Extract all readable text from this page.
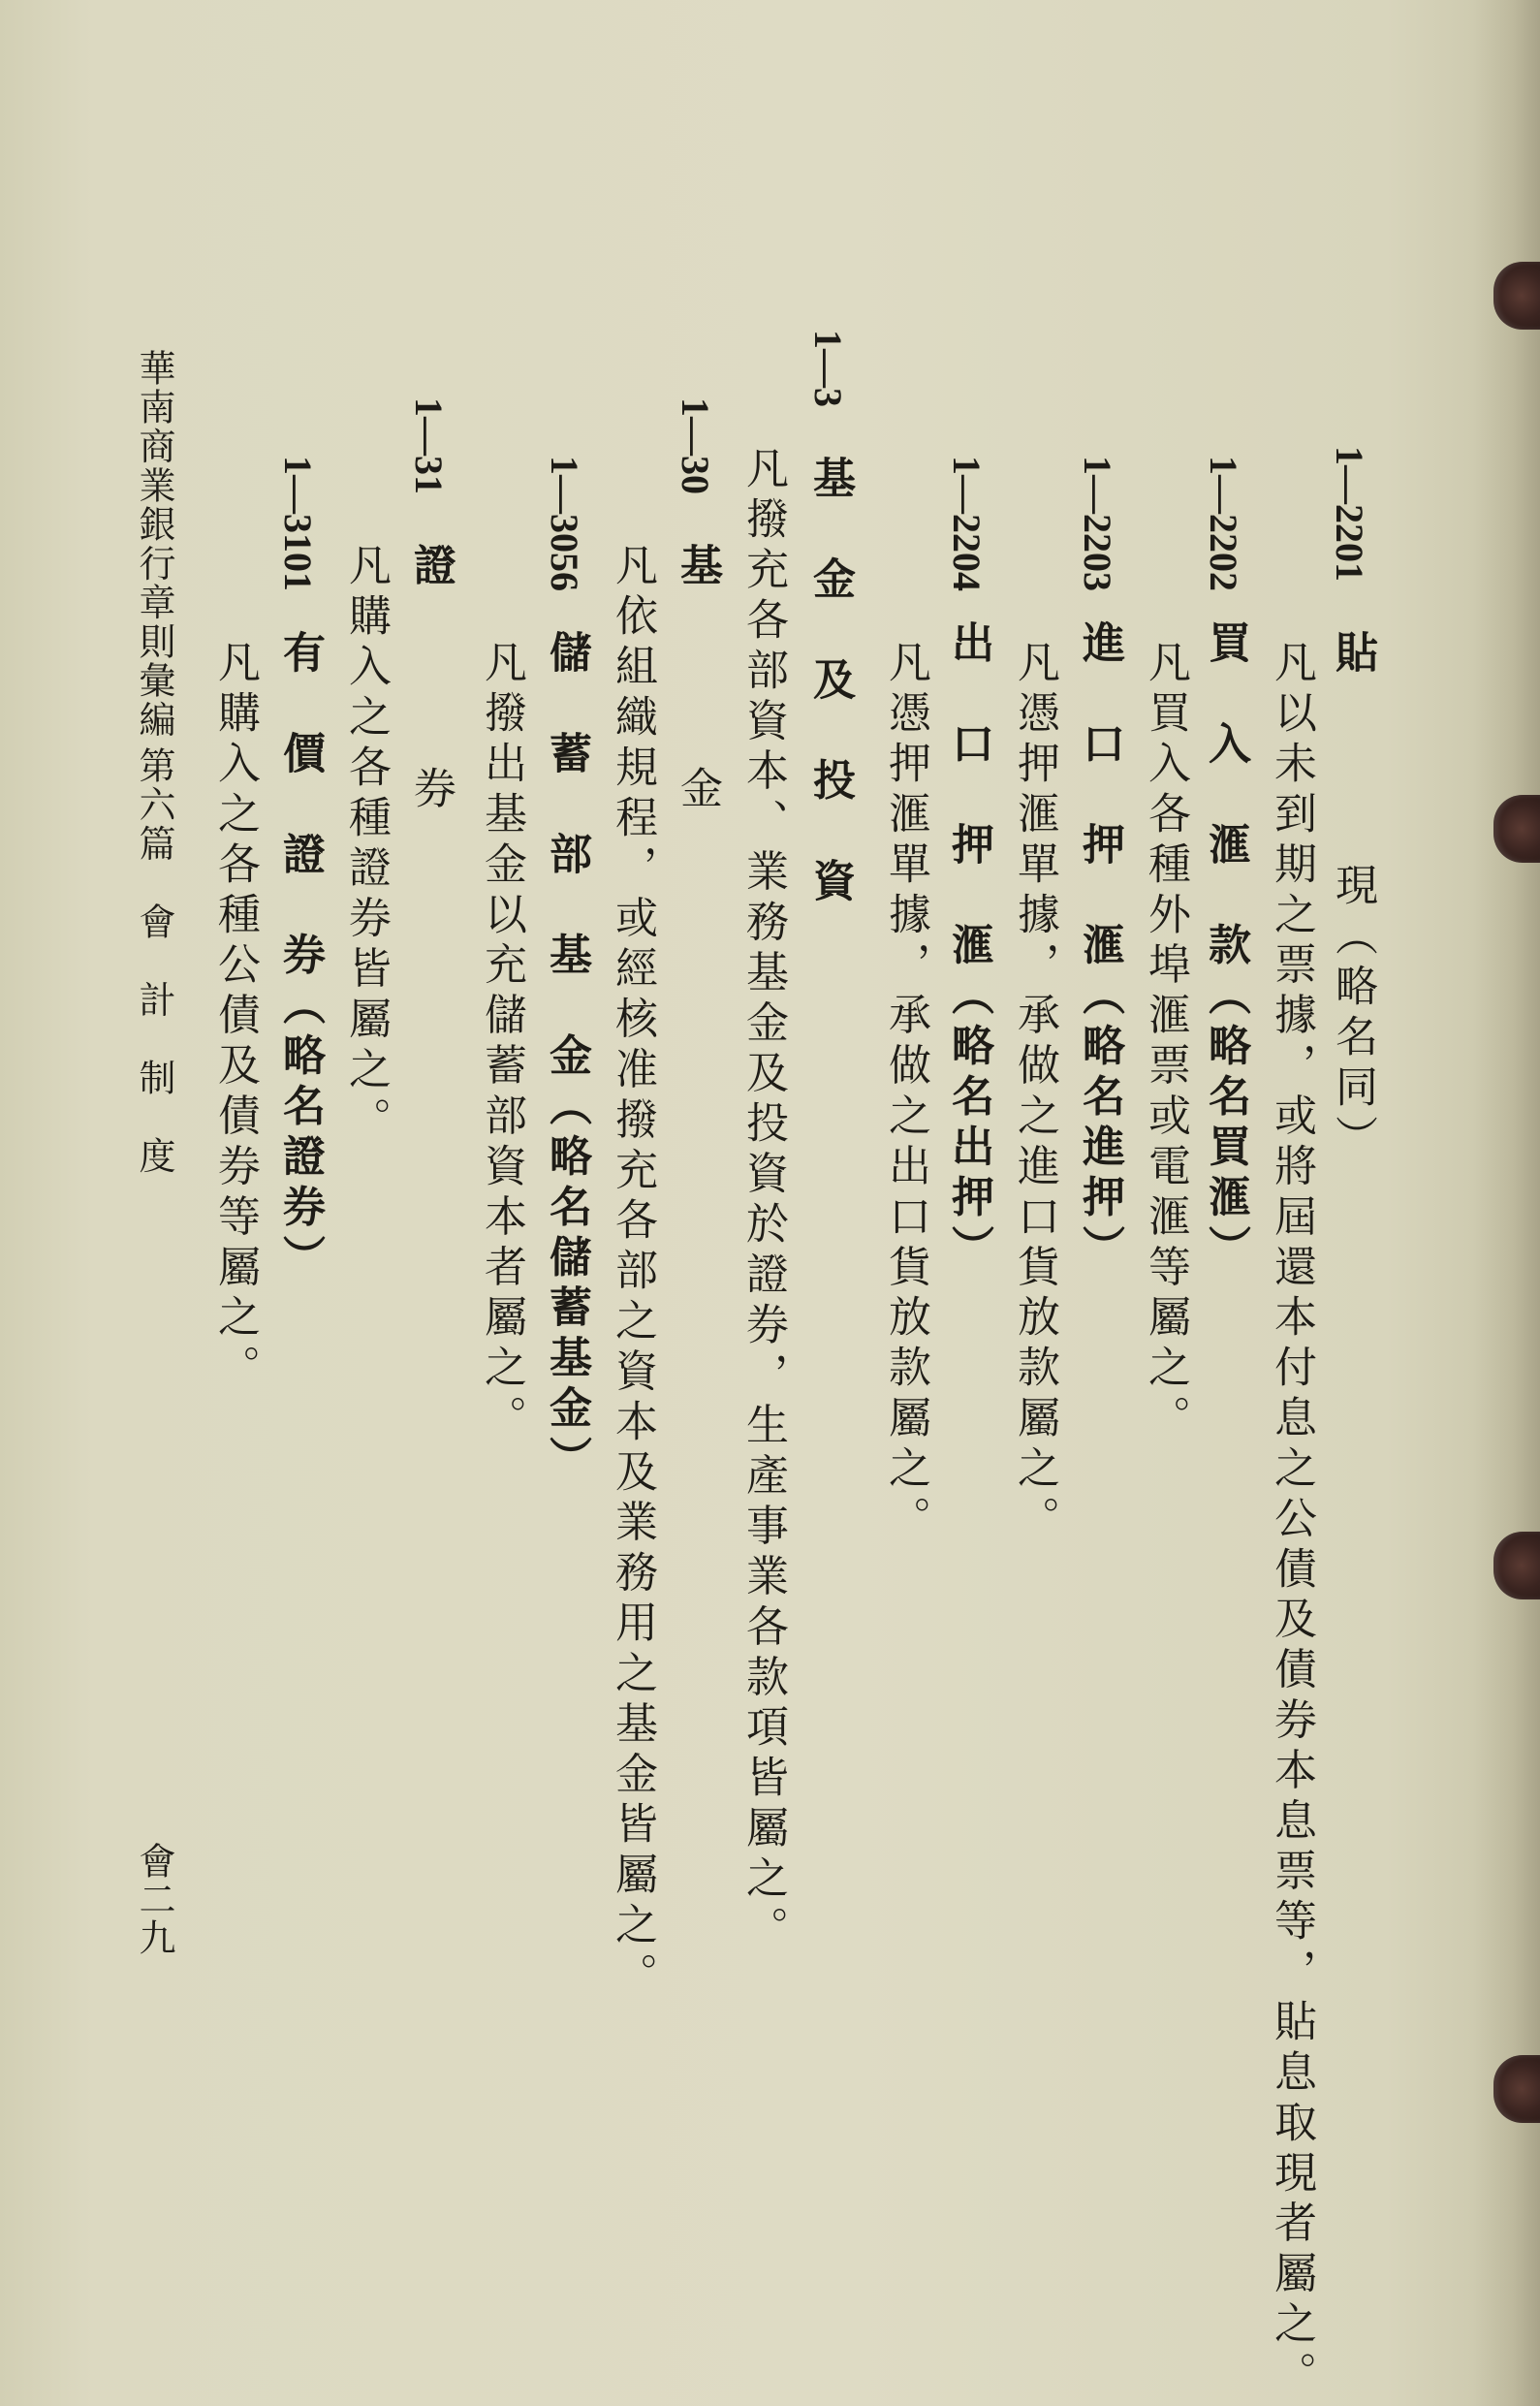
1—2201
貼
現（略名同）
凡以未到期之票據，或將屆還本付息之公債及債券本息票等，貼息取現者屬之。
1—2202
買　入　滙　款（略名買滙）
凡買入各種外埠滙票或電滙等屬之。
1—2203
進　口　押　滙（略名進押）
凡憑押滙單據，承做之進口貨放款屬之。
1—2204
出　口　押　滙（略名出押）
凡憑押滙單據，承做之出口貨放款屬之。
1—3
基　金　及　投　資
凡撥充各部資本、業務基金及投資於證券，生產事業各款項皆屬之。
1—30
基
金
凡依組織規程，或經核准撥充各部之資本及業務用之基金皆屬之。
1—3056
儲　蓄　部　基　金（略名儲蓄基金）
凡撥出基金以充儲蓄部資本者屬之。
1—31
證
券
凡購入之各種證券皆屬之。
1—3101
有　價　證　券（略名證券）
凡購入之各種公債及債券等屬之。
華南商業銀行章則彙編
第六篇　會　計　制　度
會二九
